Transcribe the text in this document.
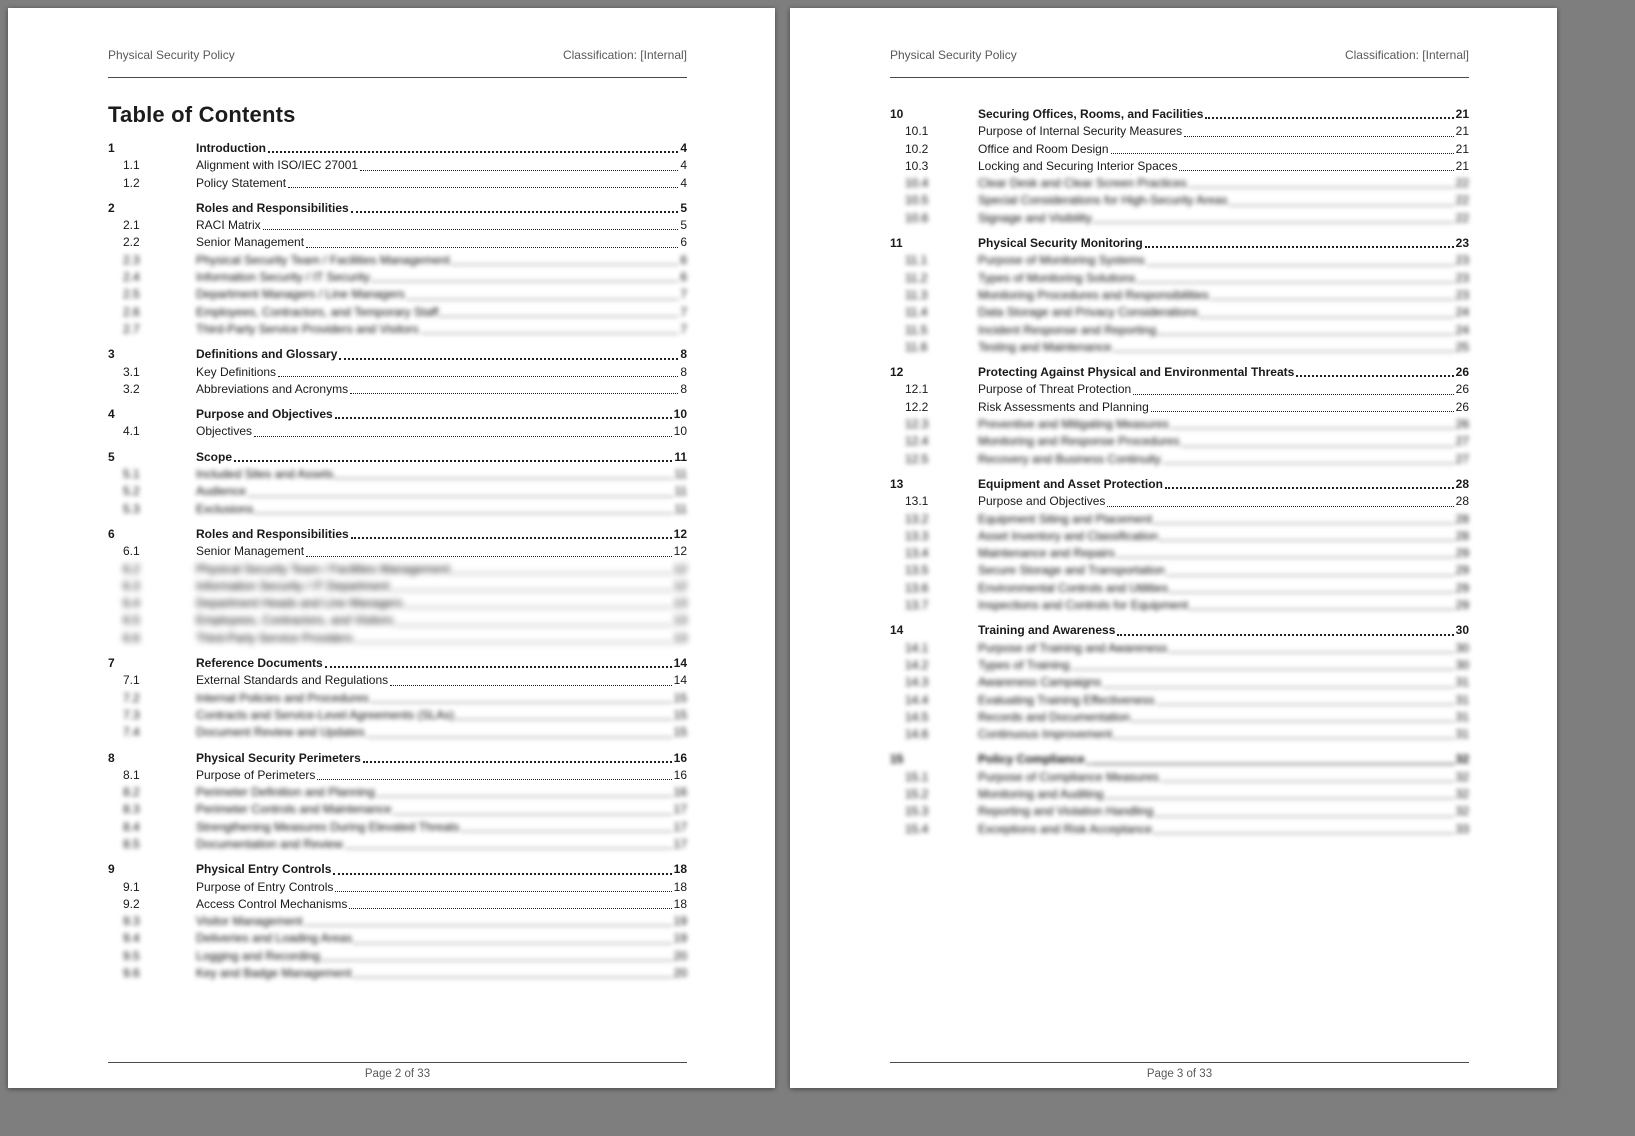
Physical Security Policy	Classification: [Internal]
Table of Contents
1	Introduction	4
1.1	Alignment with ISO/IEC 27001	4
1.2	Policy Statement	4
2	Roles and Responsibilities	5
2.1	RACI Matrix	5
2.2	Senior Management	6
2.3	Physical Security Team / Facilities Management	6
2.4	Information Security / IT Security	6
2.5	Department Managers / Line Managers	7
2.6	Employees, Contractors, and Temporary Staff	7
2.7	Third-Party Service Providers and Visitors	7
3	Definitions and Glossary	8
3.1	Key Definitions	8
3.2	Abbreviations and Acronyms	8
4	Purpose and Objectives	10
4.1	Objectives	10
5	Scope	11
5.1	Included Sites and Assets	11
5.2	Audience	11
5.3	Exclusions	11
6	Roles and Responsibilities	12
6.1	Senior Management	12
6.2	Physical Security Team / Facilities Management	12
6.3	Information Security / IT Department	12
6.4	Department Heads and Line Managers	13
6.5	Employees, Contractors, and Visitors	13
6.6	Third-Party Service Providers	13
7	Reference Documents	14
7.1	External Standards and Regulations	14
7.2	Internal Policies and Procedures	15
7.3	Contracts and Service-Level Agreements (SLAs)	15
7.4	Document Review and Updates	15
8	Physical Security Perimeters	16
8.1	Purpose of Perimeters	16
8.2	Perimeter Definition and Planning	16
8.3	Perimeter Controls and Maintenance	17
8.4	Strengthening Measures During Elevated Threats	17
8.5	Documentation and Review	17
9	Physical Entry Controls	18
9.1	Purpose of Entry Controls	18
9.2	Access Control Mechanisms	18
9.3	Visitor Management	19
9.4	Deliveries and Loading Areas	19
9.5	Logging and Recording	20
9.6	Key and Badge Management	20
Page 2 of 33
Physical Security Policy	Classification: [Internal]
10	Securing Offices, Rooms, and Facilities	21
10.1	Purpose of Internal Security Measures	21
10.2	Office and Room Design	21
10.3	Locking and Securing Interior Spaces	21
10.4	Clear Desk and Clear Screen Practices	22
10.5	Special Considerations for High-Security Areas	22
10.6	Signage and Visibility	22
11	Physical Security Monitoring	23
11.1	Purpose of Monitoring Systems	23
11.2	Types of Monitoring Solutions	23
11.3	Monitoring Procedures and Responsibilities	23
11.4	Data Storage and Privacy Considerations	24
11.5	Incident Response and Reporting	24
11.6	Testing and Maintenance	25
12	Protecting Against Physical and Environmental Threats	26
12.1	Purpose of Threat Protection	26
12.2	Risk Assessments and Planning	26
12.3	Preventive and Mitigating Measures	26
12.4	Monitoring and Response Procedures	27
12.5	Recovery and Business Continuity	27
13	Equipment and Asset Protection	28
13.1	Purpose and Objectives	28
13.2	Equipment Siting and Placement	28
13.3	Asset Inventory and Classification	28
13.4	Maintenance and Repairs	29
13.5	Secure Storage and Transportation	29
13.6	Environmental Controls and Utilities	29
13.7	Inspections and Controls for Equipment	29
14	Training and Awareness	30
14.1	Purpose of Training and Awareness	30
14.2	Types of Training	30
14.3	Awareness Campaigns	31
14.4	Evaluating Training Effectiveness	31
14.5	Records and Documentation	31
14.6	Continuous Improvement	31
15	Policy Compliance	32
15.1	Purpose of Compliance Measures	32
15.2	Monitoring and Auditing	32
15.3	Reporting and Violation Handling	32
15.4	Exceptions and Risk Acceptance	33
Page 3 of 33
